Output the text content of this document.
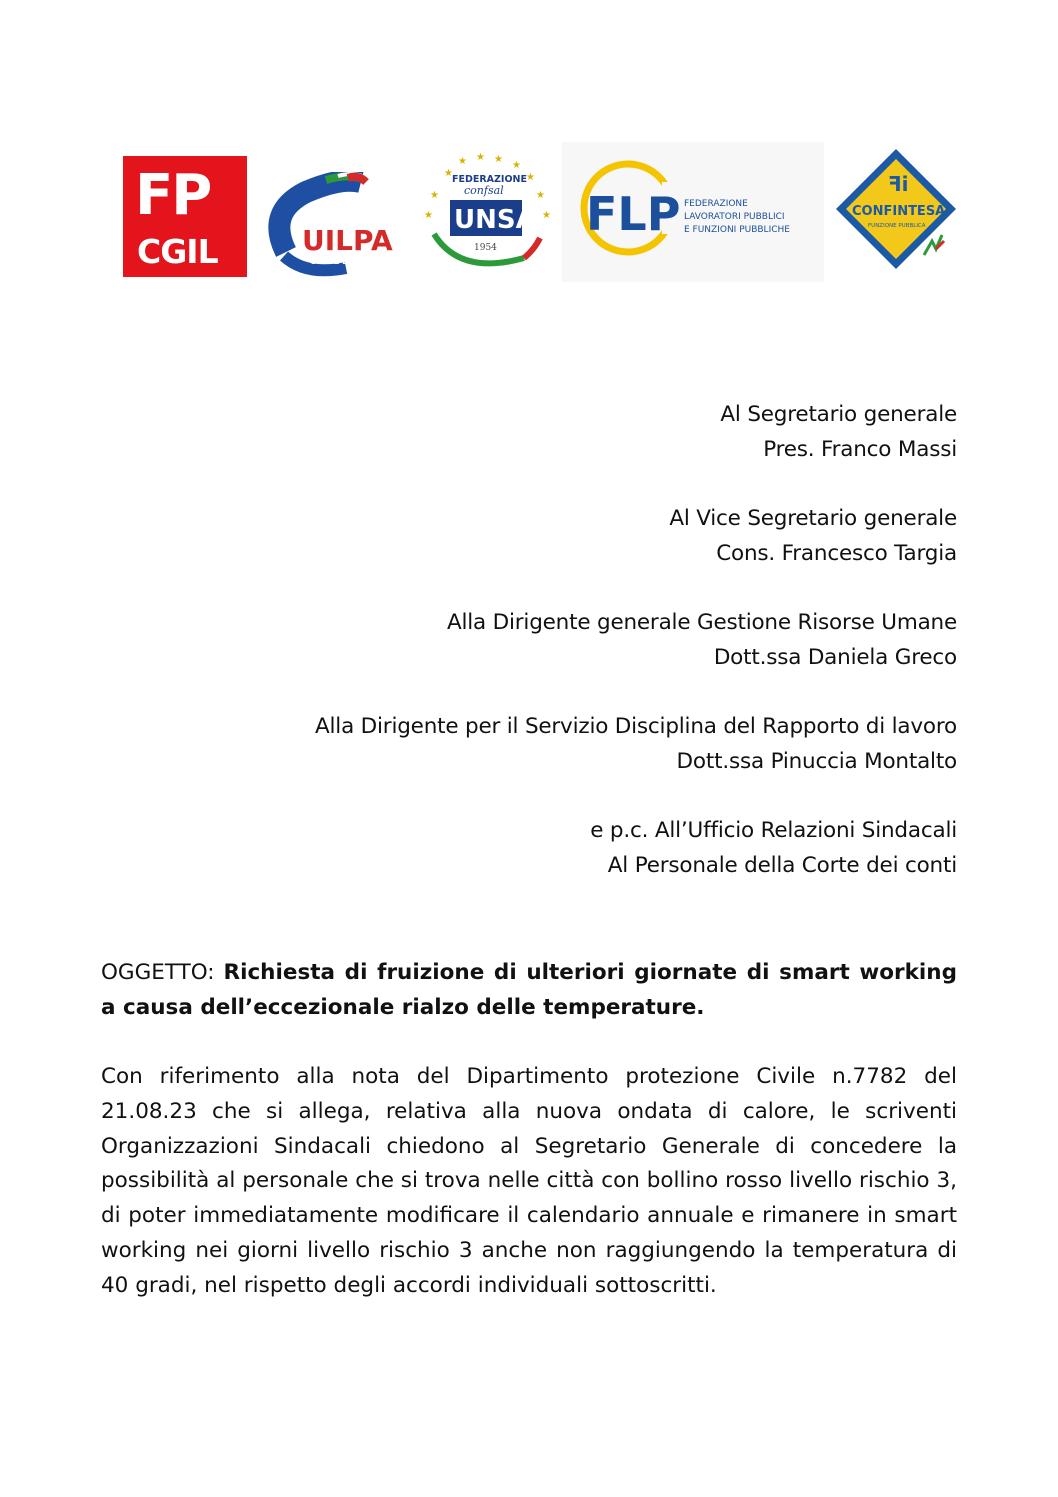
FP
CGIL	UILPA
CORTE DEI CONTI
★ ★
★	★
★	★
★	★
★	★
FEDERAZIONE
confsal
UNSA
1954
FLP FEDERAZIONE
LAVORATORI PUBBLICI
E FUNZIONI PUBBLICHE
ꟻi
CONFINTESA
FUNZIONE PUBBLICA
Al Segretario generale
Pres. Franco Massi
Al Vice Segretario generale
Cons. Francesco Targia
Alla Dirigente generale Gestione Risorse Umane
Dott.ssa Daniela Greco
Alla Dirigente per il Servizio Disciplina del Rapporto di lavoro
Dott.ssa Pinuccia Montalto
e p.c. All’Ufficio Relazioni Sindacali
Al Personale della Corte dei conti
OGGETTO: Richiesta di fruizione di ulteriori giornate di smart working a causa dell’eccezionale rialzo delle temperature.
Con riferimento alla nota del Dipartimento protezione Civile n.7782 del 21.08.23 che si allega, relativa alla nuova ondata di calore, le scriventi Organizzazioni Sindacali chiedono al Segretario Generale di concedere la possibilità al personale che si trova nelle città con bollino rosso livello rischio 3, di poter immediatamente modificare il calendario annuale e rimanere in smart working nei giorni livello rischio 3 anche non raggiungendo la temperatura di 40 gradi, nel rispetto degli accordi individuali sottoscritti.
